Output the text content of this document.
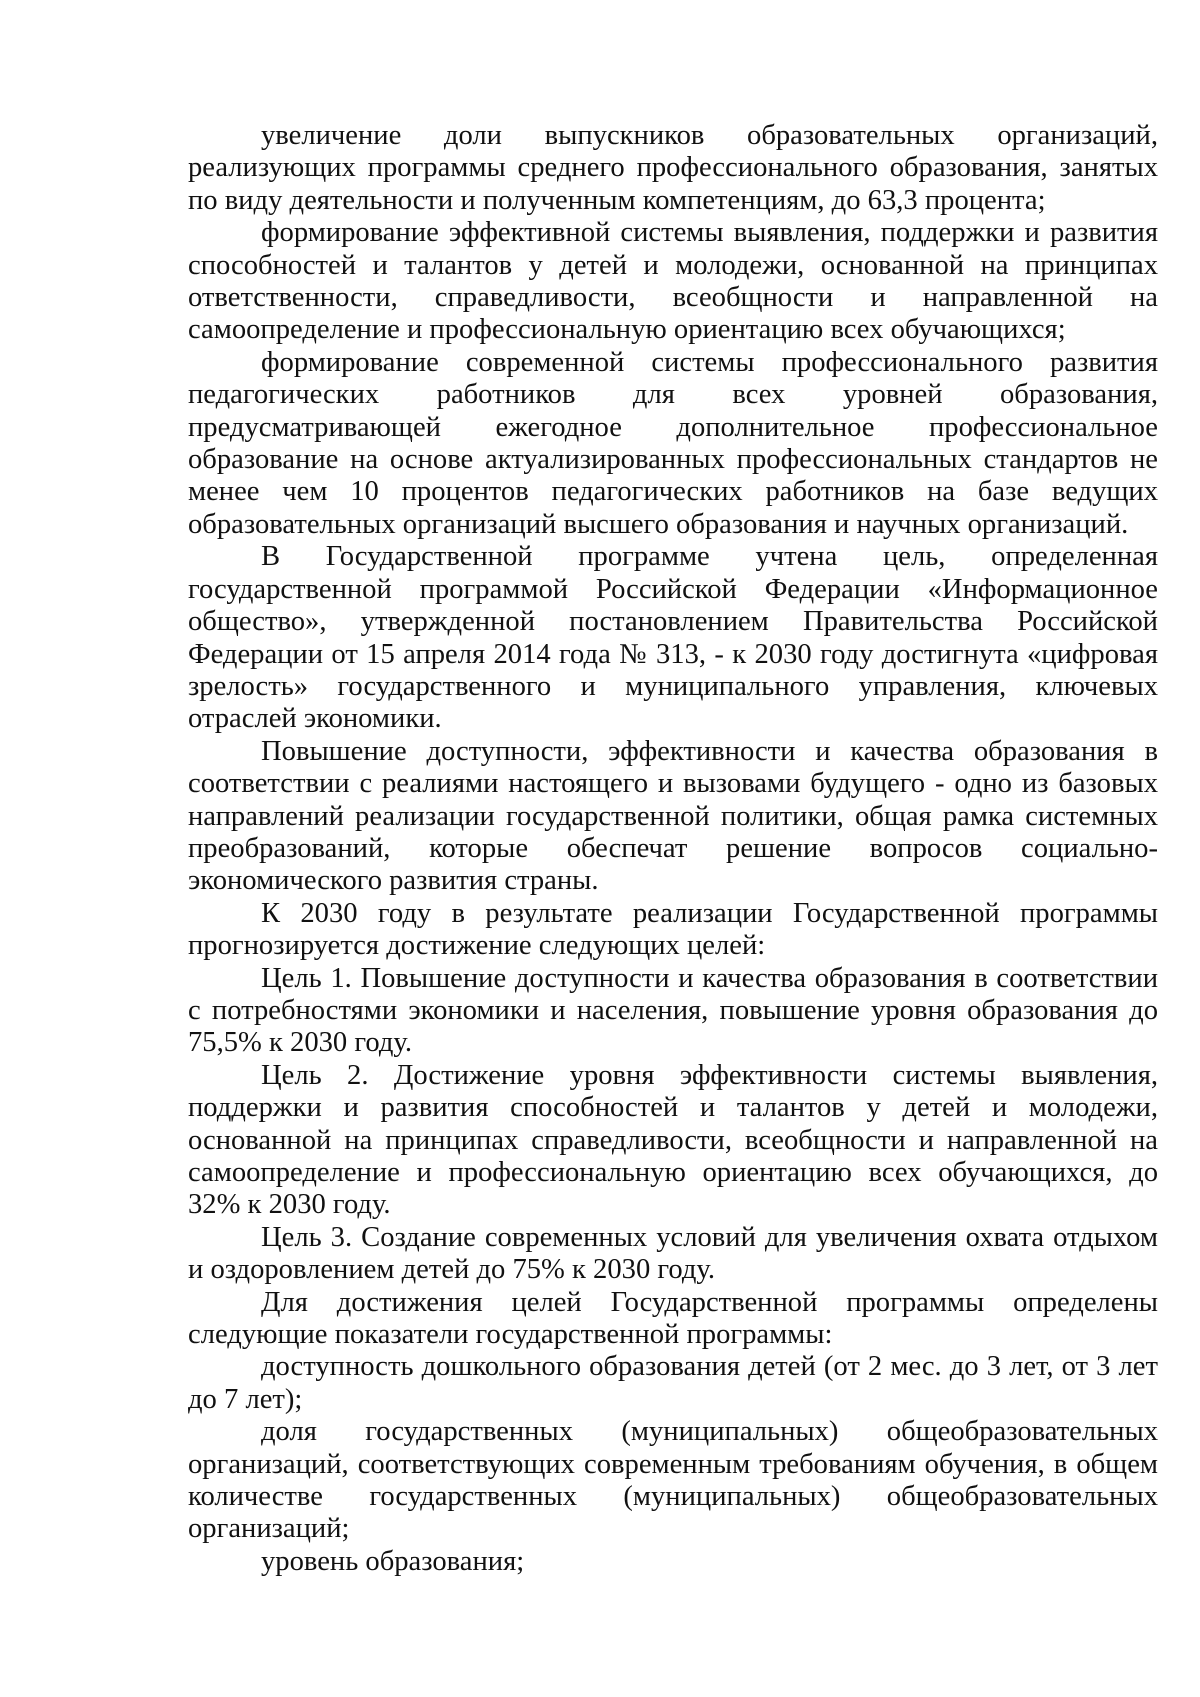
увеличение доли выпускников образовательных организаций, реализующих программы среднего профессионального образования, занятых по виду деятельности и полученным компетенциям, до 63,3 процента;

формирование эффективной системы выявления, поддержки и развития способностей и талантов у детей и молодежи, основанной на принципах ответственности, справедливости, всеобщности и направленной на самоопределение и профессиональную ориентацию всех обучающихся;

формирование современной системы профессионального развития педагогических работников для всех уровней образования, предусматривающей ежегодное дополнительное профессиональное образование на основе актуализированных профессиональных стандартов не менее чем 10 процентов педагогических работников на базе ведущих образовательных организаций высшего образования и научных организаций.

В Государственной программе учтена цель, определенная государственной программой Российской Федерации «Информационное общество», утвержденной постановлением Правительства Российской Федерации от 15 апреля 2014 года № 313, - к 2030 году достигнута «цифровая зрелость» государственного и муниципального управления, ключевых отраслей экономики.

Повышение доступности, эффективности и качества образования в соответствии с реалиями настоящего и вызовами будущего - одно из базовых направлений реализации государственной политики, общая рамка системных преобразований, которые обеспечат решение вопросов социально-экономического развития страны.

К 2030 году в результате реализации Государственной программы прогнозируется достижение следующих целей:

Цель 1. Повышение доступности и качества образования в соответствии с потребностями экономики и населения, повышение уровня образования до 75,5% к 2030 году.

Цель 2. Достижение уровня эффективности системы выявления, поддержки и развития способностей и талантов у детей и молодежи, основанной на принципах справедливости, всеобщности и направленной на самоопределение и профессиональную ориентацию всех обучающихся, до 32% к 2030 году.

Цель 3. Создание современных условий для увеличения охвата отдыхом и оздоровлением детей до 75% к 2030 году.

Для достижения целей Государственной программы определены следующие показатели государственной программы:

доступность дошкольного образования детей (от 2 мес. до 3 лет, от 3 лет до 7 лет);

доля государственных (муниципальных) общеобразовательных организаций, соответствующих современным требованиям обучения, в общем количестве государственных (муниципальных) общеобразовательных организаций;

уровень образования;
